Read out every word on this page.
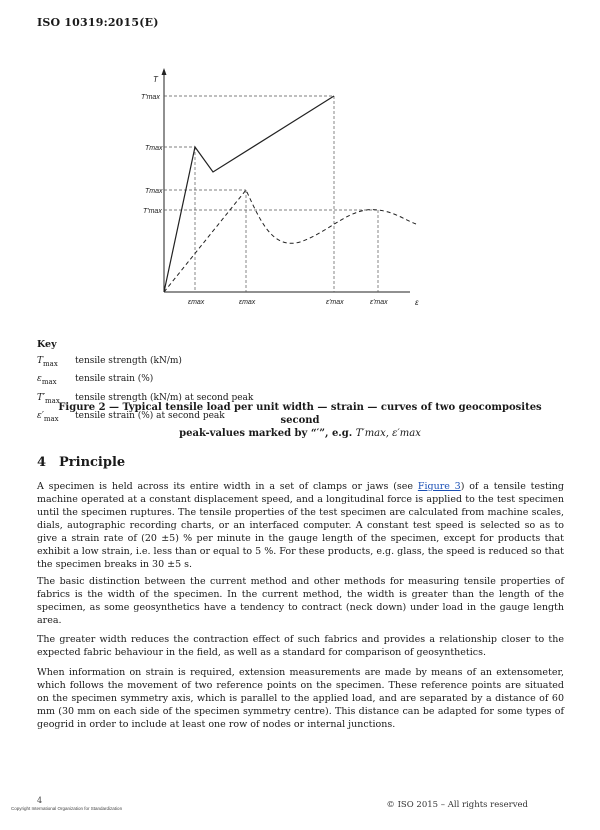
ISO 10319:2015(E)
T
ε
T′max
Tmax
Tmax
T′max
εmax	εmax	ε′max	ε′max
Key
$T_{max}$	tensile strength (kN/m)
$\varepsilon_{max}$	tensile strain (%)
$T'_{max}$	tensile strength (kN/m) at second peak
$\varepsilon'_{max}$	tensile strain (%) at second peak
Figure 2 — Typical tensile load per unit width — strain — curves of two geocomposites second
peak-values marked by “′”, e.g. T′max, ε′max
4 Principle
A specimen is held across its entire width in a set of clamps or jaws (see Figure 3) of a tensile testing machine operated at a constant displacement speed, and a longitudinal force is applied to the test specimen until the specimen ruptures. The tensile properties of the test specimen are calculated from machine scales, dials, autographic recording charts, or an interfaced computer. A constant test speed is selected so as to give a strain rate of (20 ±5) % per minute in the gauge length of the specimen, except for products that exhibit a low strain, i.e. less than or equal to 5 %. For these products, e.g. glass, the speed is reduced so that the specimen breaks in 30 ±5 s.
The basic distinction between the current method and other methods for measuring tensile properties of fabrics is the width of the specimen. In the current method, the width is greater than the length of the specimen, as some geosynthetics have a tendency to contract (neck down) under load in the gauge length area.
The greater width reduces the contraction effect of such fabrics and provides a relationship closer to the expected fabric behaviour in the field, as well as a standard for comparison of geosynthetics.
When information on strain is required, extension measurements are made by means of an extensometer, which follows the movement of two reference points on the specimen. These reference points are situated on the specimen symmetry axis, which is parallel to the applied load, and are separated by a distance of 60 mm (30 mm on each side of the specimen symmetry centre). This distance can be adapted for some types of geogrid in order to include at least one row of nodes or internal junctions.
4
Copyright International Organization for Standardization	© ISO 2015 – All rights reserved
